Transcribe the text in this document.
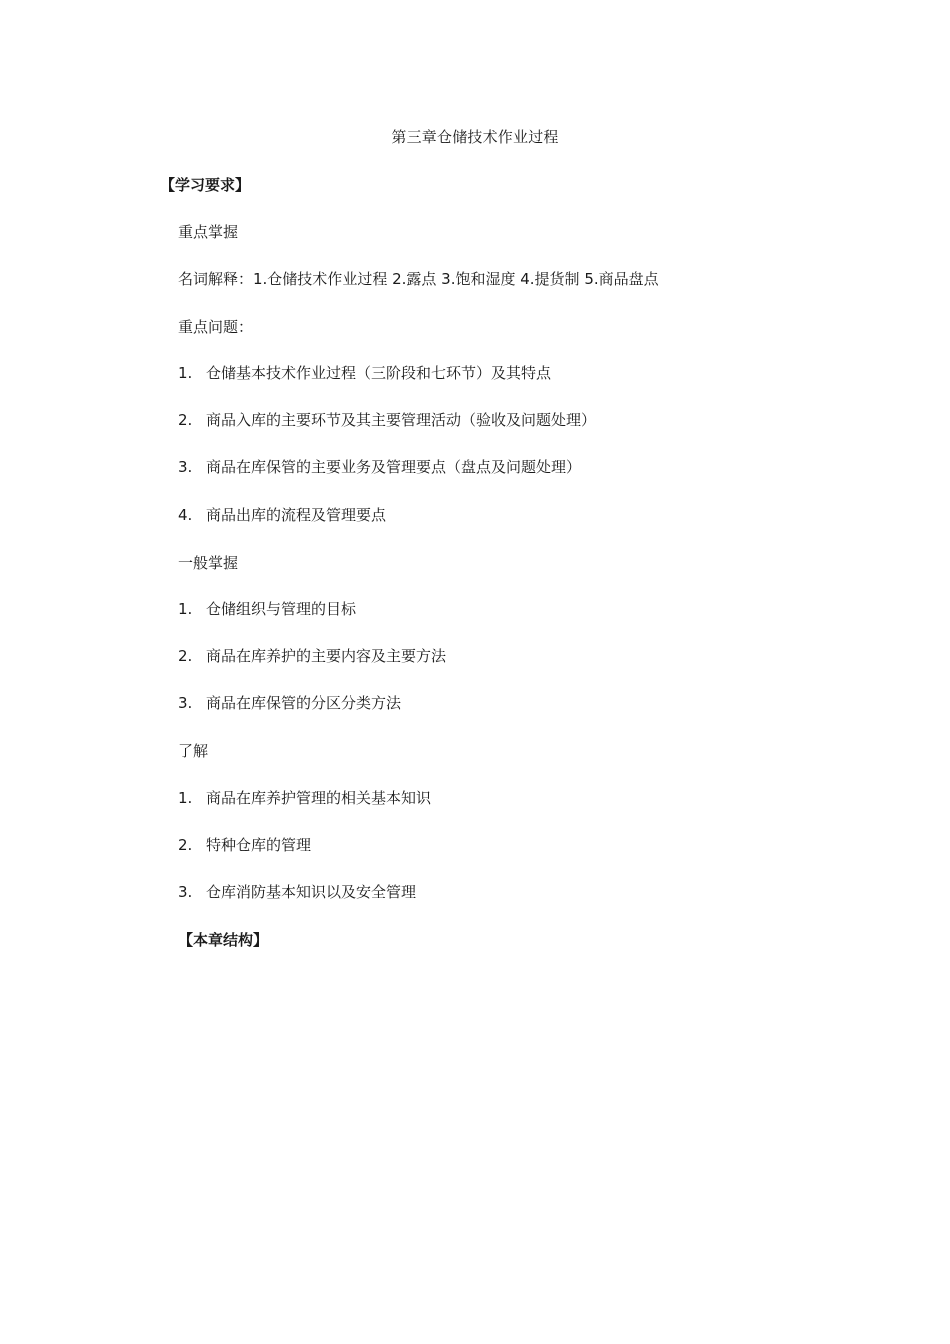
第三章仓储技术作业过程
【学习要求】
重点掌握
名词解释：1.仓储技术作业过程 2.露点 3.饱和湿度 4.提货制 5.商品盘点
重点问题：
1. 仓储基本技术作业过程（三阶段和七环节）及其特点
2. 商品入库的主要环节及其主要管理活动（验收及问题处理）
3. 商品在库保管的主要业务及管理要点（盘点及问题处理）
4. 商品出库的流程及管理要点
一般掌握
1. 仓储组织与管理的目标
2. 商品在库养护的主要内容及主要方法
3. 商品在库保管的分区分类方法
了解
1. 商品在库养护管理的相关基本知识
2. 特种仓库的管理
3. 仓库消防基本知识以及安全管理
【本章结构】
